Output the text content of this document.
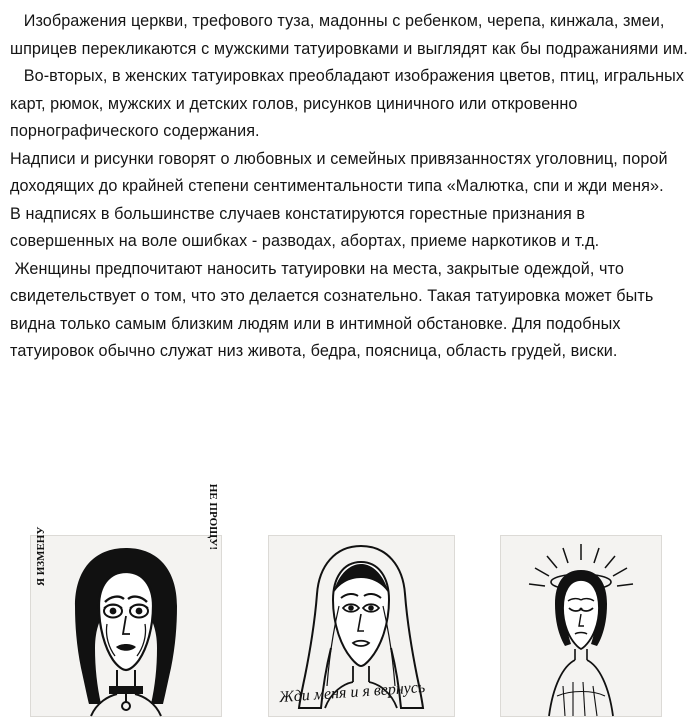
Изображения церкви, трефового туза, мадонны с ребенком, черепа, кинжала, змеи, шприцев перекликаются с мужскими татуировками и выглядят как бы подражаниями им.

Во-вторых, в женских татуировках преобладают изображения цветов, птиц, игральных карт, рюмок, мужских и детских голов, рисунков циничного или откровенно порнографического содержания.

Надписи и рисунки говорят о любовных и семейных привязанностях уголовниц, порой доходящих до крайней степени сентиментальности типа «Малютка, спи и жди меня».

В надписях в большинстве случаев констатируются горестные признания в совершенных на воле ошибках - разводах, абортах, приеме наркотиков и т.д.

Женщины предпочитают наносить татуировки на места, закрытые одеждой, что свидетельствует о том, что это делается сознательно. Такая татуировка может быть видна только самым близким людям или в интимной обстановке. Для подобных татуировок обычно служат низ живота, бедра, поясница, область грудей, виски.

Я ИЗМЕНУ
НЕ ПРОЩУ!
Жди меня и я вернусь
